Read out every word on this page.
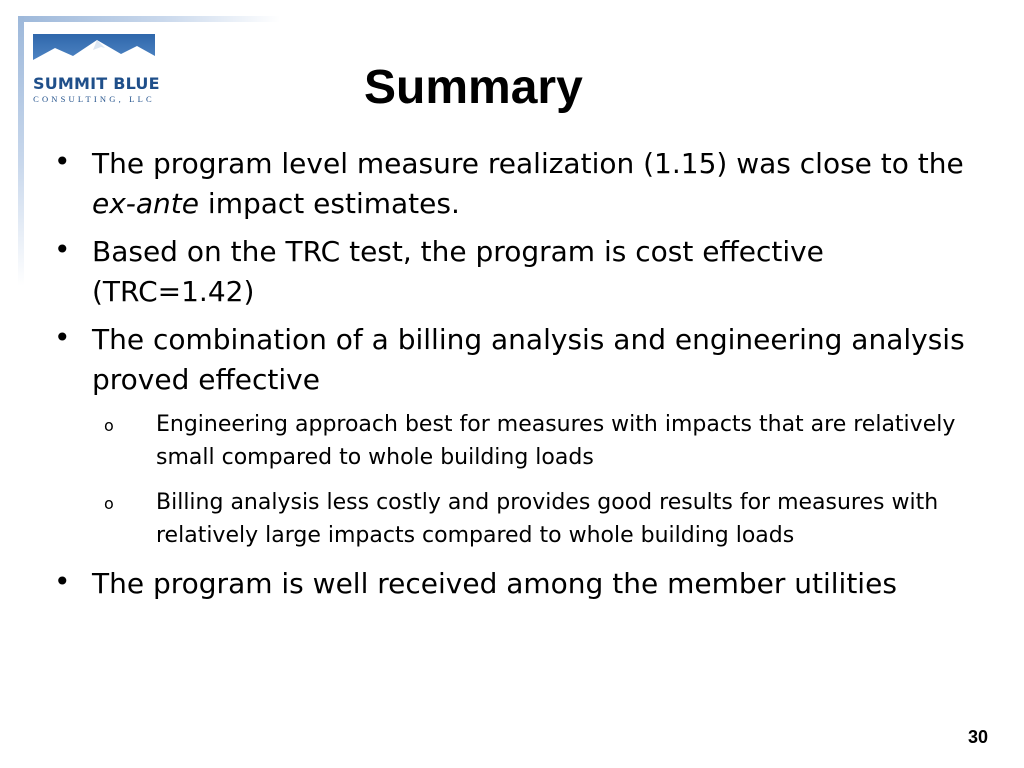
SUMMIT BLUE
CONSULTING, LLC	Summary
• The program level measure realization (1.15) was close to the ex-ante impact estimates.
• Based on the TRC test, the program is cost effective (TRC=1.42)
• The combination of a billing analysis and engineering analysis proved effective
o Engineering approach best for measures with impacts that are relatively small compared to whole building loads
o Billing analysis less costly and provides good results for measures with relatively large impacts compared to whole building loads
• The program is well received among the member utilities
30
